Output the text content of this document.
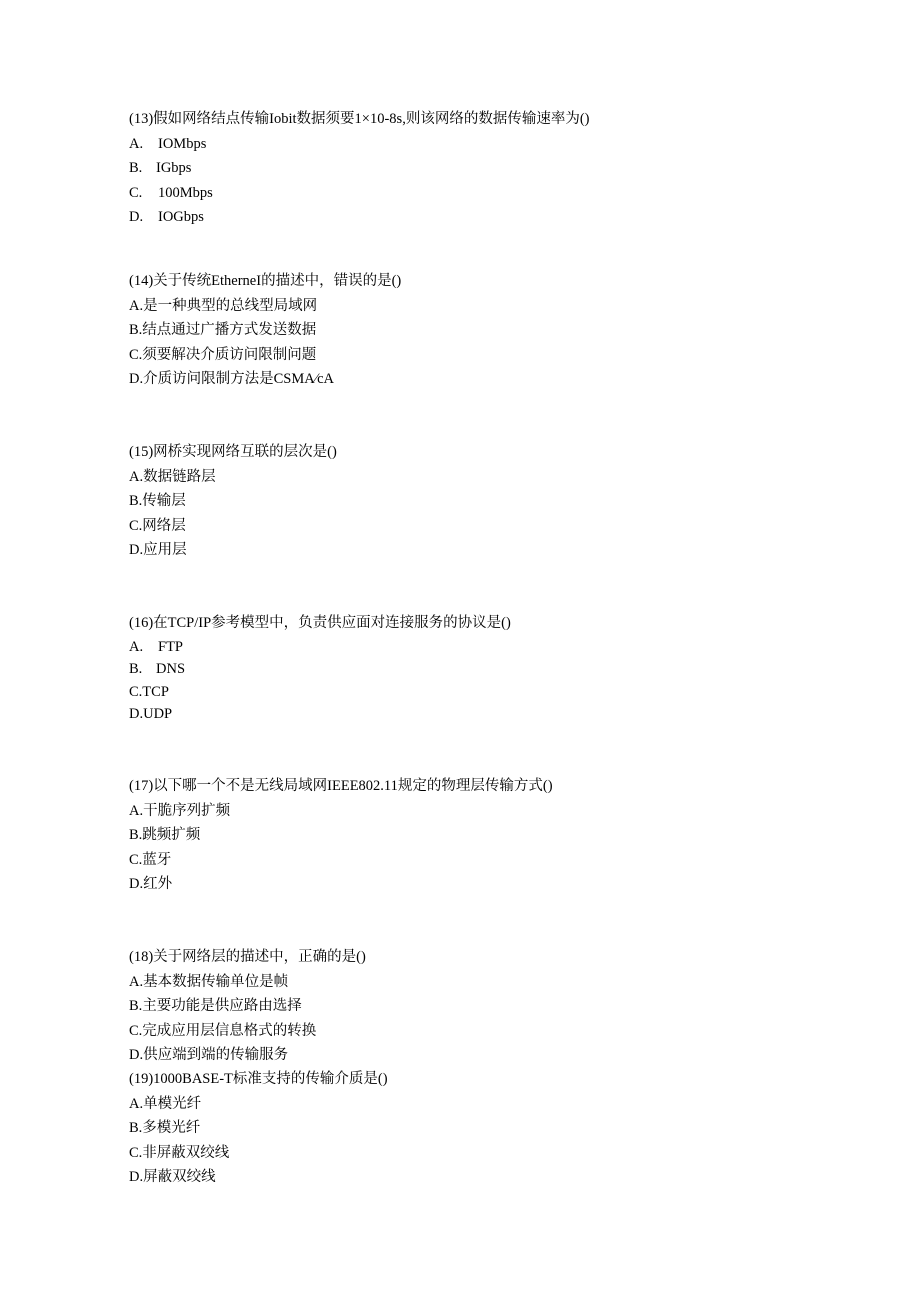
(13)假如网络结点传输Iobit数据须要1×10-8s,则该网络的数据传输速率为()
A. IOMbps
B. IGbps
C. 100Mbps
D. IOGbps
(14)关于传统EtherneI的描述中，错误的是()
A.是一种典型的总线型局域网
B.结点通过广播方式发送数据
C.须要解决介质访问限制问题
D.介质访问限制方法是CSMA⁄cA
(15)网桥实现网络互联的层次是()
A.数据链路层
B.传输层
C.网络层
D.应用层
(16)在TCP/IP参考模型中，负责供应面对连接服务的协议是()
A. FTP
B. DNS
C.TCP
D.UDP
(17)以下哪一个不是无线局域网IEEE802.11规定的物理层传输方式()
A.干脆序列扩频
B.跳频扩频
C.蓝牙
D.红外
(18)关于网络层的描述中，正确的是()
A.基本数据传输单位是帧
B.主要功能是供应路由选择
C.完成应用层信息格式的转换
D.供应端到端的传输服务
(19)1000BASE-T标准支持的传输介质是()
A.单模光纤
B.多模光纤
C.非屏蔽双绞线
D.屏蔽双绞线
